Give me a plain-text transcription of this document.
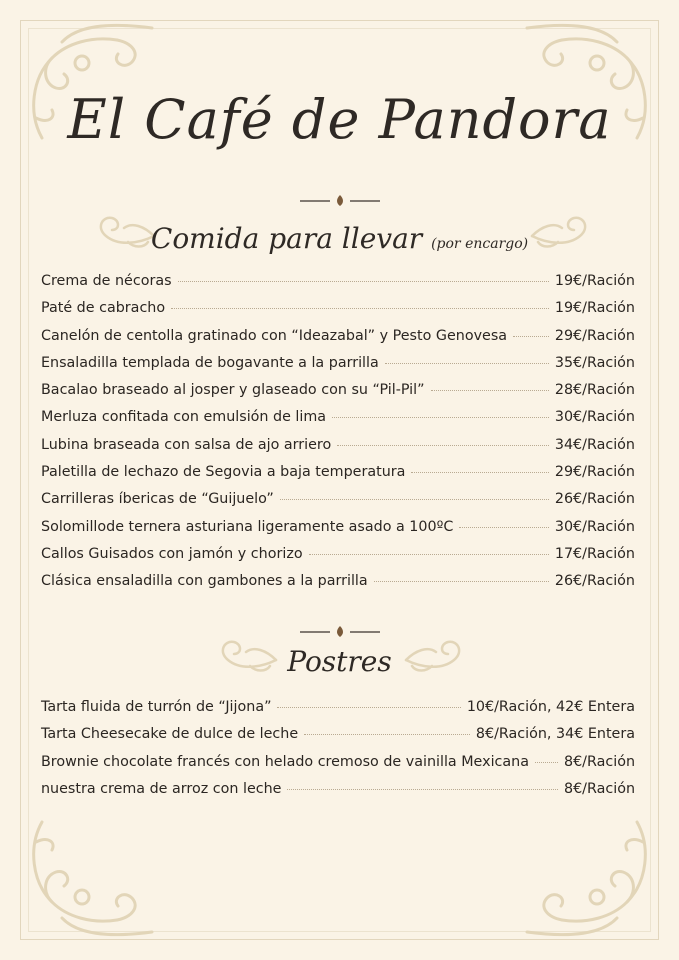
El Café de Pandora
Comida para llevar (por encargo)
Crema de nécoras	19€/Ración
Paté de cabracho	19€/Ración
Canelón de centolla gratinado con “Ideazabal” y Pesto Genovesa	29€/Ración
Ensaladilla templada de bogavante a la parrilla	35€/Ración
Bacalao braseado al josper y glaseado con su “Pil-Pil”	28€/Ración
Merluza confitada con emulsión de lima	30€/Ración
Lubina braseada con salsa de ajo arriero	34€/Ración
Paletilla de lechazo de Segovia a baja temperatura	29€/Ración
Carrilleras íbericas de “Guijuelo”	26€/Ración
Solomillode ternera asturiana ligeramente asado a 100ºC	30€/Ración
Callos Guisados con jamón y chorizo	17€/Ración
Clásica ensaladilla con gambones a la parrilla	26€/Ración
Postres
Tarta fluida de turrón de “Jijona”	10€/Ración, 42€ Entera
Tarta Cheesecake de dulce de leche	8€/Ración, 34€ Entera
Brownie chocolate francés con helado cremoso de vainilla Mexicana 8€/Ración
nuestra crema de arroz con leche	8€/Ración
